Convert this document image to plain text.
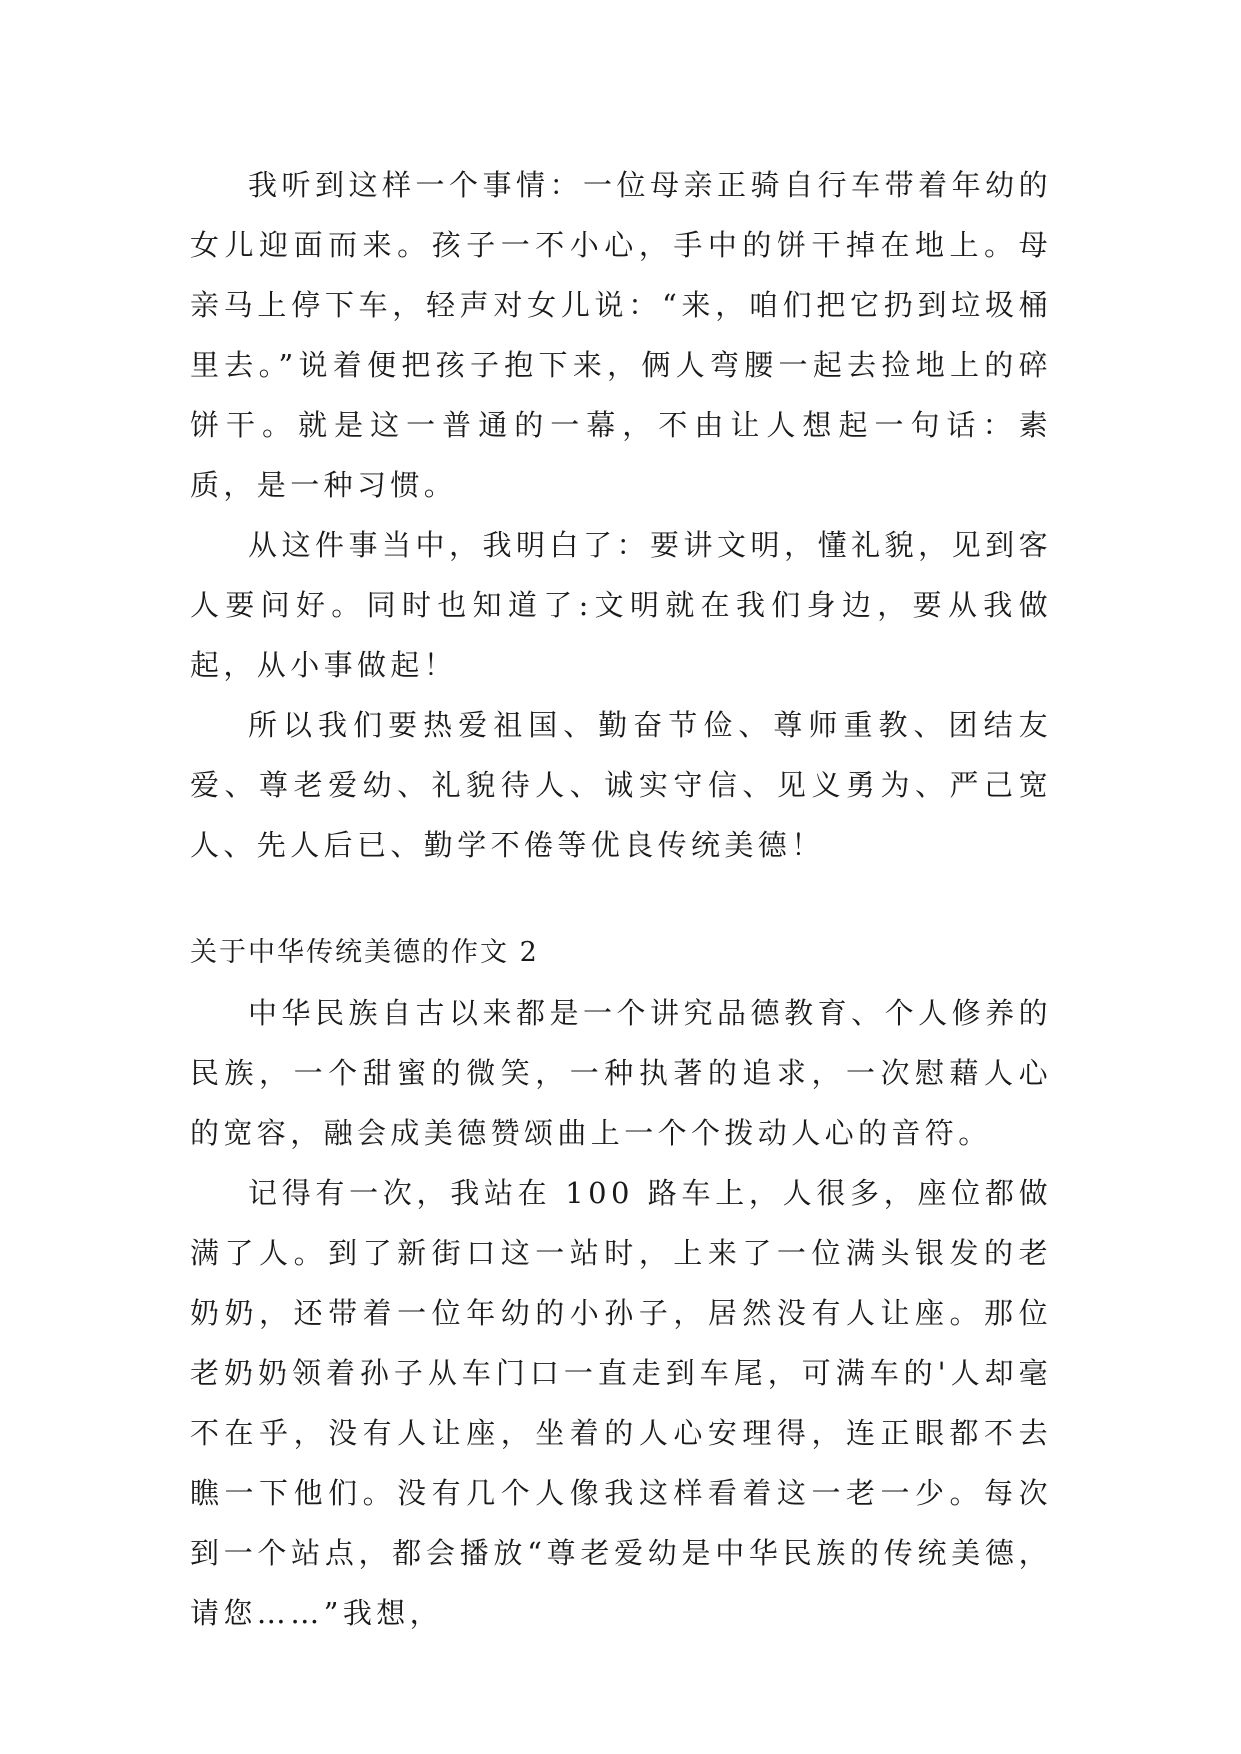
我听到这样一个事情：一位母亲正骑自行车带着年幼的女儿迎面而来。孩子一不小心，手中的饼干掉在地上。母亲马上停下车，轻声对女儿说：“来，咱们把它扔到垃圾桶里去。”说着便把孩子抱下来，俩人弯腰一起去捡地上的碎饼干。就是这一普通的一幕，不由让人想起一句话：素质，是一种习惯。

从这件事当中，我明白了：要讲文明，懂礼貌，见到客人要问好。同时也知道了:文明就在我们身边，要从我做起，从小事做起！

所以我们要热爱祖国、勤奋节俭、尊师重教、团结友爱、尊老爱幼、礼貌待人、诚实守信、见义勇为、严己宽人、先人后已、勤学不倦等优良传统美德！

关于中华传统美德的作文 2

中华民族自古以来都是一个讲究品德教育、个人修养的民族，一个甜蜜的微笑，一种执著的追求，一次慰藉人心的宽容，融会成美德赞颂曲上一个个拨动人心的音符。

记得有一次，我站在 100 路车上，人很多，座位都做满了人。到了新街口这一站时，上来了一位满头银发的老奶奶，还带着一位年幼的小孙子，居然没有人让座。那位老奶奶领着孙子从车门口一直走到车尾，可满车的'人却毫不在乎，没有人让座，坐着的人心安理得，连正眼都不去瞧一下他们。没有几个人像我这样看着这一老一少。每次到一个站点，都会播放“尊老爱幼是中华民族的传统美德，请您……”我想，
